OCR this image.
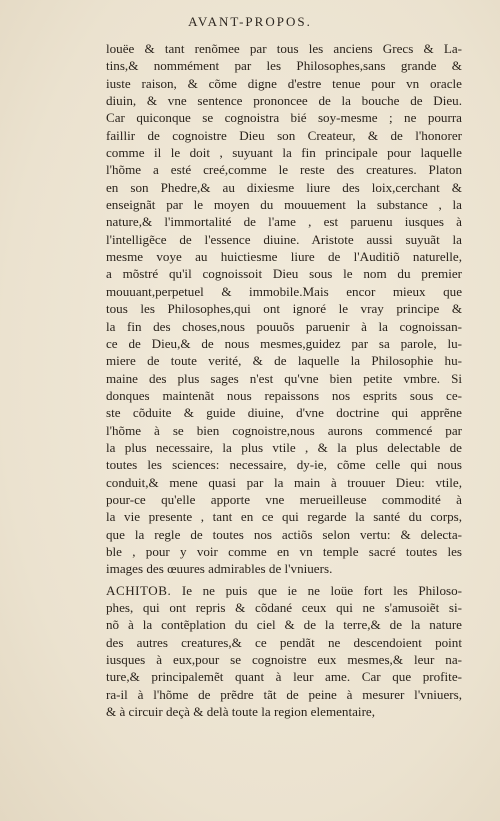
AVANT-PROPOS.
louëe & tant renõmee par tous les anciens Grecs & La-
tins,& nommément par les Philosophes,sans grande &
iuste raison, & cõme digne d'estre tenue pour vn oracle
diuin, & vne sentence prononcee de la bouche de Dieu.
Car quiconque se cognoistra bié soy-mesme ; ne pourra
faillir de cognoistre Dieu son Createur, & de l'honorer
comme il le doit , suyuant la fin principale pour laquelle
l'hõme a esté creé,comme le reste des creatures. Platon
en son Phedre,& au dixiesme liure des loix,cerchant &
enseignãt par le moyen du mouuement la substance , la
nature,& l'immortalité de l'ame , est paruenu iusques à
l'intelligẽce de l'essence diuine. Aristote aussi suyuãt la
mesme voye au huictiesme liure de l'Auditiõ naturelle,
a mõstré qu'il cognoissoit Dieu sous le nom du premier
mouuant,perpetuel & immobile.Mais encor mieux que
tous les Philosophes,qui ont ignoré le vray principe &
la fin des choses,nous pouuõs paruenir à la cognoissan-
ce de Dieu,& de nous mesmes,guidez par sa parole, lu-
miere de toute verité, & de laquelle la Philosophie hu-
maine des plus sages n'est qu'vne bien petite vmbre. Si
donques maintenãt nous repaissons nos esprits sous ce-
ste cõduite & guide diuine, d'vne doctrine qui apprẽne
l'hõme à se bien cognoistre,nous aurons commencé par
la plus necessaire, la plus vtile , & la plus delectable de
toutes les sciences: necessaire, dy-ie, cõme celle qui nous
conduit,& mene quasi par la main à trouuer Dieu: vtile,
pour-ce qu'elle apporte vne merueilleuse commodité à
la vie presente , tant en ce qui regarde la santé du corps,
que la regle de toutes nos actiõs selon vertu: & delecta-
ble , pour y voir comme en vn temple sacré toutes les
images des œuures admirables de l'vniuers.
ACHITOB. Ie ne puis que ie ne loüe fort les Philoso-
phes, qui ont repris & cõdané ceux qui ne s'amusoiẽt si-
nõ à la contẽplation du ciel & de la terre,& de la nature
des autres creatures,& ce pendãt ne descendoient point
iusques à eux,pour se cognoistre eux mesmes,& leur na-
ture,& principalemẽt quant à leur ame. Car que profite-
ra-il à l'hõme de prẽdre tãt de peine à mesurer l'vniuers,
& à circuir deçà & delà toute la region elementaire,
